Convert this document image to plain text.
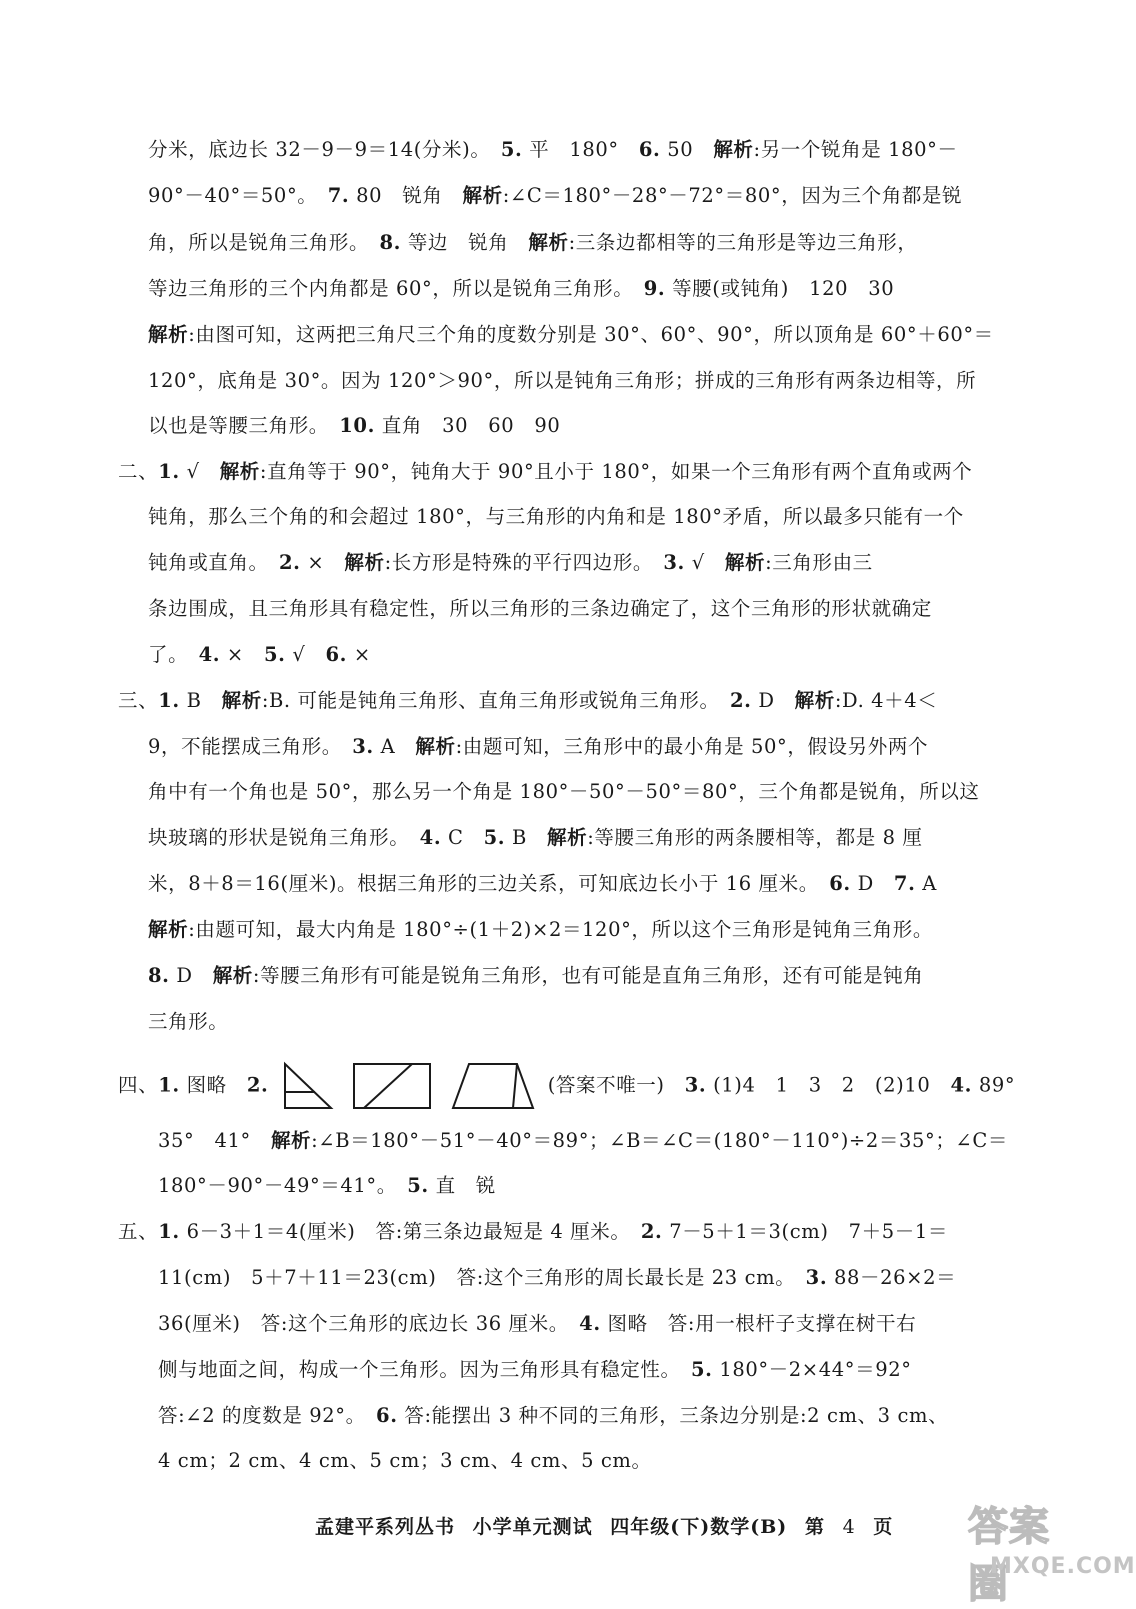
分米，底边长 32－9－9＝14(分米)。　5. 平　180°　6. 50　解析:另一个锐角是 180°－
90°－40°＝50°。　7. 80　锐角　解析:∠C＝180°－28°－72°＝80°，因为三个角都是锐
角，所以是锐角三角形。　8. 等边　锐角　解析:三条边都相等的三角形是等边三角形，
等边三角形的三个内角都是 60°，所以是锐角三角形。　9. 等腰(或钝角)　120　30
解析:由图可知，这两把三角尺三个角的度数分别是 30°、60°、90°，所以顶角是 60°＋60°＝
120°，底角是 30°。因为 120°＞90°，所以是钝角三角形；拼成的三角形有两条边相等，所
以也是等腰三角形。　10. 直角　30　60　90
二、1. √　解析:直角等于 90°，钝角大于 90°且小于 180°，如果一个三角形有两个直角或两个
钝角，那么三个角的和会超过 180°，与三角形的内角和是 180°矛盾，所以最多只能有一个
钝角或直角。　2. ×　解析:长方形是特殊的平行四边形。　3. √　解析:三角形由三
条边围成，且三角形具有稳定性，所以三角形的三条边确定了，这个三角形的形状就确定
了。　4. ×　5. √　6. ×
三、1. B　解析:B. 可能是钝角三角形、直角三角形或锐角三角形。　2. D　解析:D. 4＋4＜
9，不能摆成三角形。　3. A　解析:由题可知，三角形中的最小角是 50°，假设另外两个
角中有一个角也是 50°，那么另一个角是 180°－50°－50°＝80°，三个角都是锐角，所以这
块玻璃的形状是锐角三角形。　4. C　5. B　解析:等腰三角形的两条腰相等，都是 8 厘
米，8＋8＝16(厘米)。根据三角形的三边关系，可知底边长小于 16 厘米。　6. D　7. A
解析:由题可知，最大内角是 180°÷(1＋2)×2＝120°，所以这个三角形是钝角三角形。
8. D　解析:等腰三角形有可能是锐角三角形，也有可能是直角三角形，还有可能是钝角
三角形。
四、1. 图略　2.	(答案不唯一)　3. (1)4　1　3　2　(2)10　4. 89°
35°　41°　解析:∠B＝180°－51°－40°＝89°；∠B＝∠C＝(180°－110°)÷2＝35°；∠C＝
180°－90°－49°＝41°。　5. 直　锐
五、1. 6－3＋1＝4(厘米)　答:第三条边最短是 4 厘米。　2. 7－5＋1＝3(cm)　7＋5－1＝
11(cm)　5＋7＋11＝23(cm)　答:这个三角形的周长最长是 23 cm。　3. 88－26×2＝
36(厘米)　答:这个三角形的底边长 36 厘米。　4. 图略　答:用一根杆子支撑在树干右
侧与地面之间，构成一个三角形。因为三角形具有稳定性。　5. 180°－2×44°＝92°
答:∠2 的度数是 92°。　6. 答:能摆出 3 种不同的三角形，三条边分别是:2 cm、3 cm、
4 cm；2 cm、4 cm、5 cm；3 cm、4 cm、5 cm。
孟建平系列丛书 小学单元测试 四年级(下)数学(B) 第 4 页	答案圈
MXQE.COM
